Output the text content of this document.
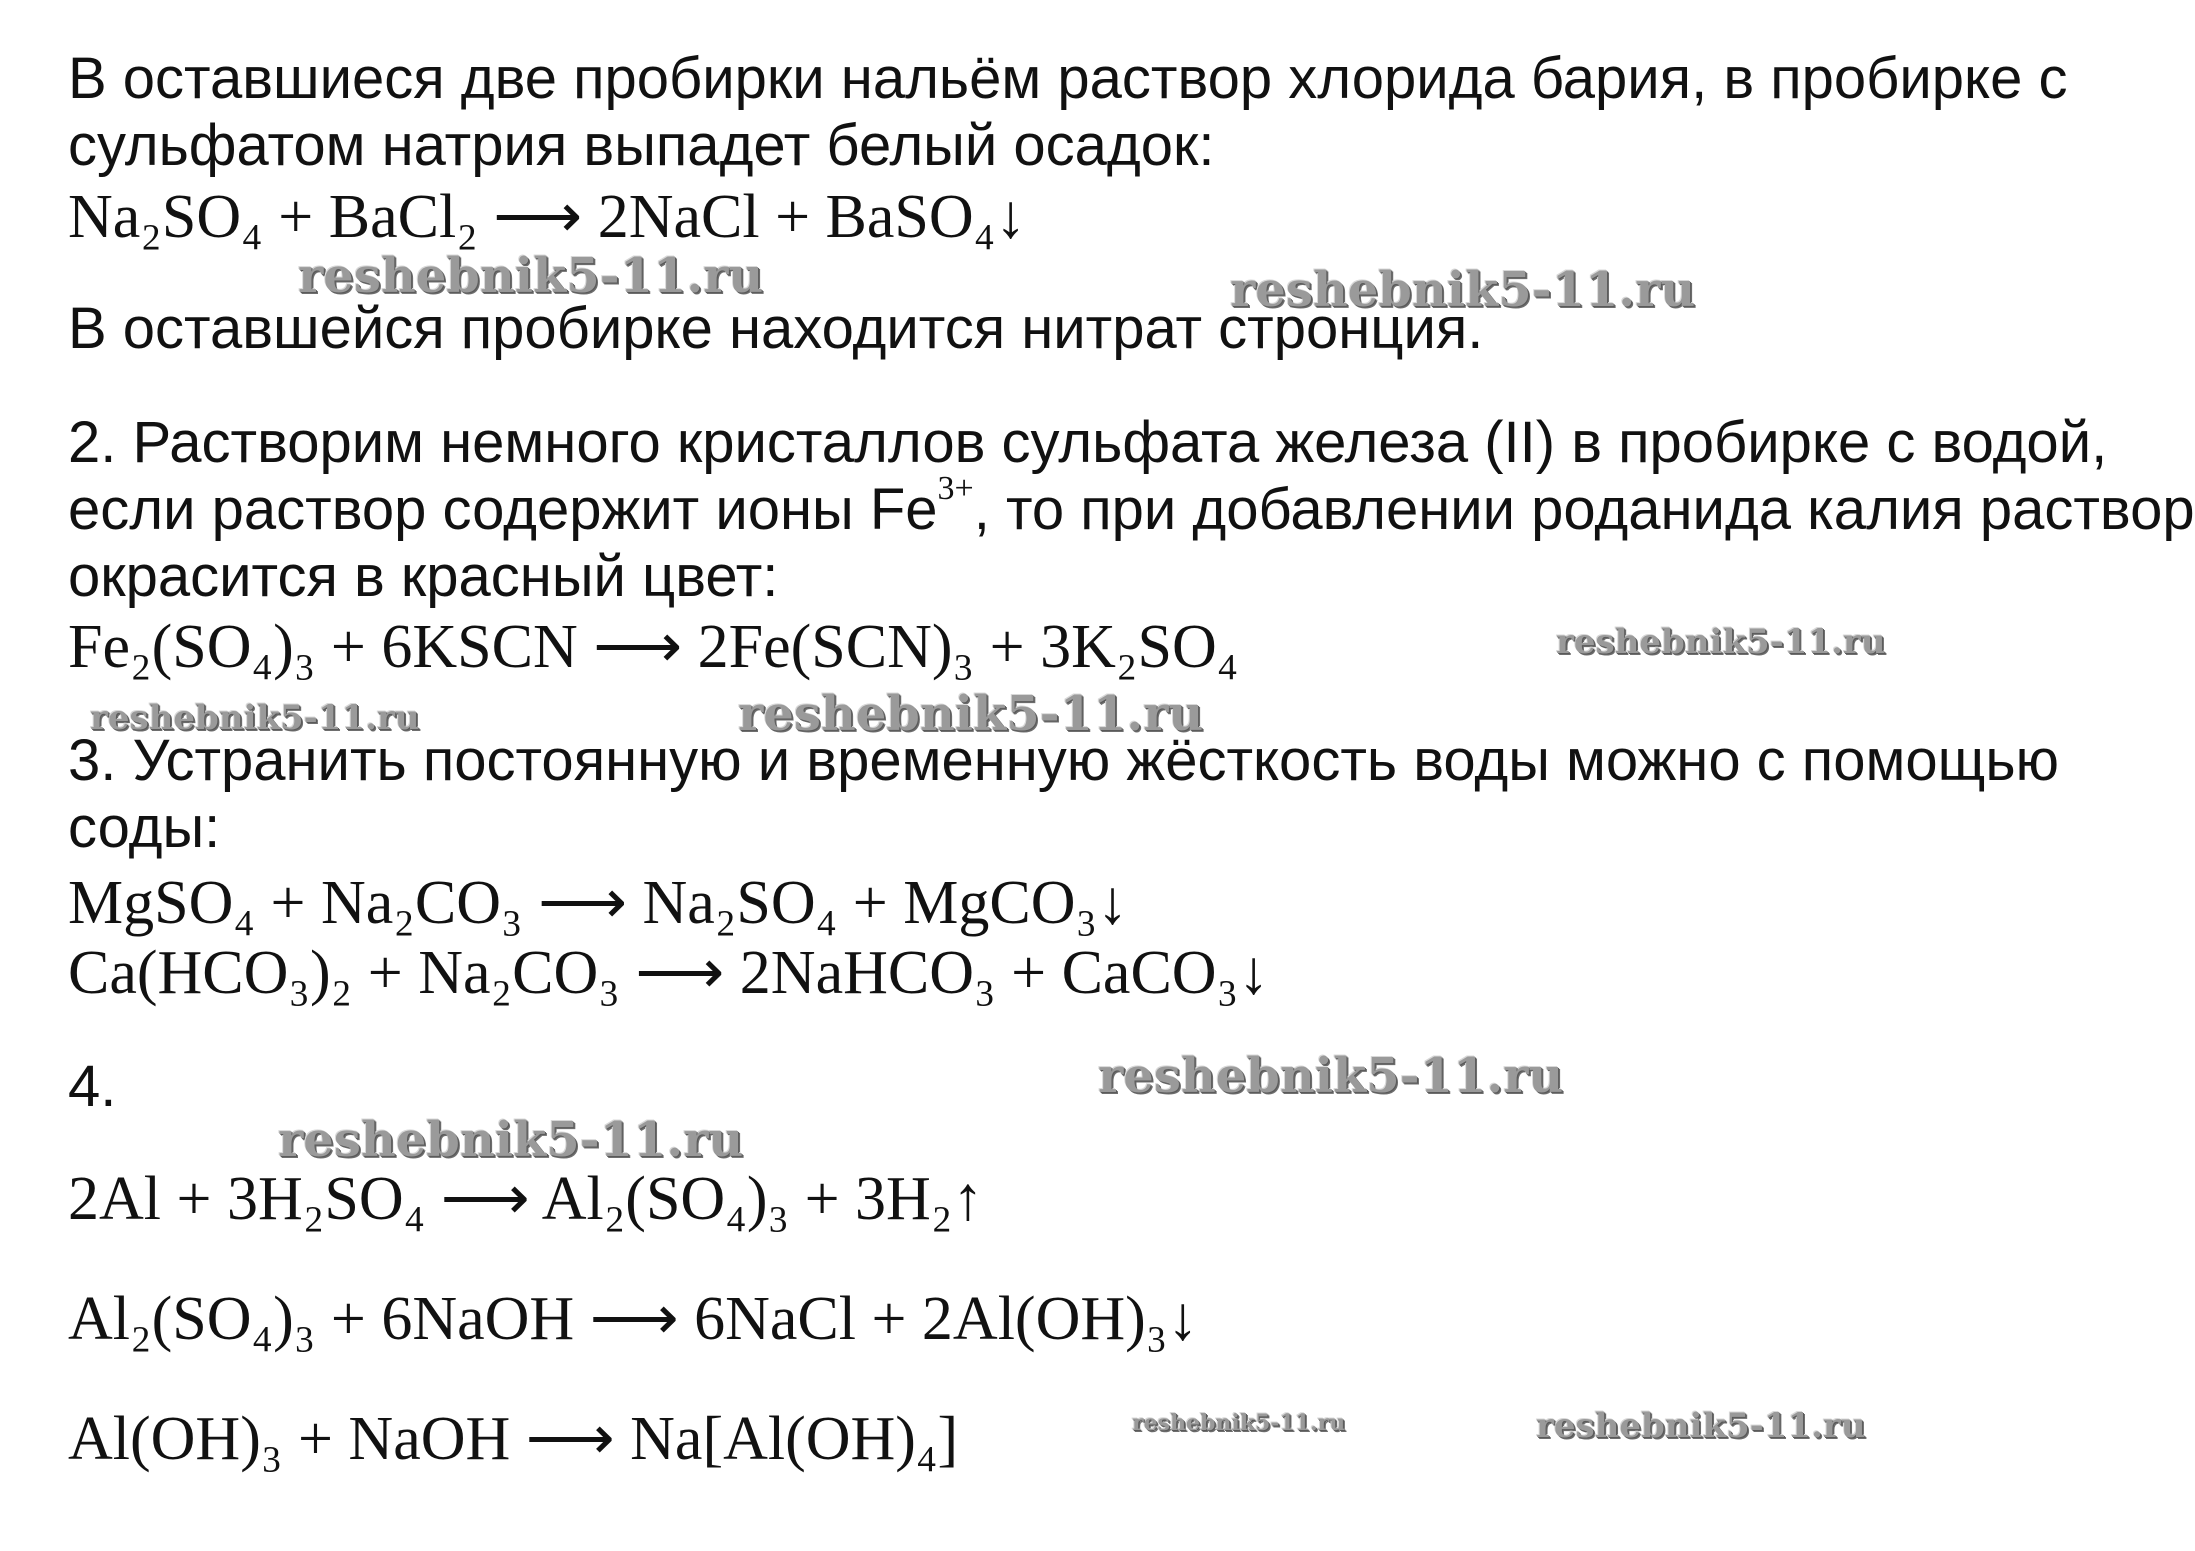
В оставшиеся две пробирки нальём раствор хлорида бария, в пробирке с
сульфатом натрия выпадет белый осадок:
Na₂SO₄ + BaCl₂ ⟶ 2NaCl + BaSO₄↓
В оставшейся пробирке находится нитрат стронция.
2. Растворим немного кристаллов сульфата железа (II) в пробирке с водой,
если раствор содержит ионы $Fe^{3+}$, то при добавлении роданида калия раствор
окрасится в красный цвет:
Fe₂(SO₄)₃ + 6KSCN ⟶ 2Fe(SCN)₃ + 3K₂SO₄
3. Устранить постоянную и временную жёсткость воды можно с помощью
соды:
MgSO₄ + Na₂CO₃ ⟶ Na₂SO₄ + MgCO₃↓
Ca(HCO₃)₂ + Na₂CO₃ ⟶ 2NaHCO₃ + CaCO₃↓
4.
2Al + 3H₂SO₄ ⟶ Al₂(SO₄)₃ + 3H₂↑
Al₂(SO₄)₃ + 6NaOH ⟶ 6NaCl + 2Al(OH)₃↓
Al(OH)₃ + NaOH ⟶ Na[Al(OH)₄]
reshebnik5-11.ru	reshebnik5-11.ru
reshebnik5-11.ru
reshebnik5-11.ru	reshebnik5-11.ru
reshebnik5-11.ru
reshebnik5-11.ru
reshebnik5-11.ru	reshebnik5-11.ru
